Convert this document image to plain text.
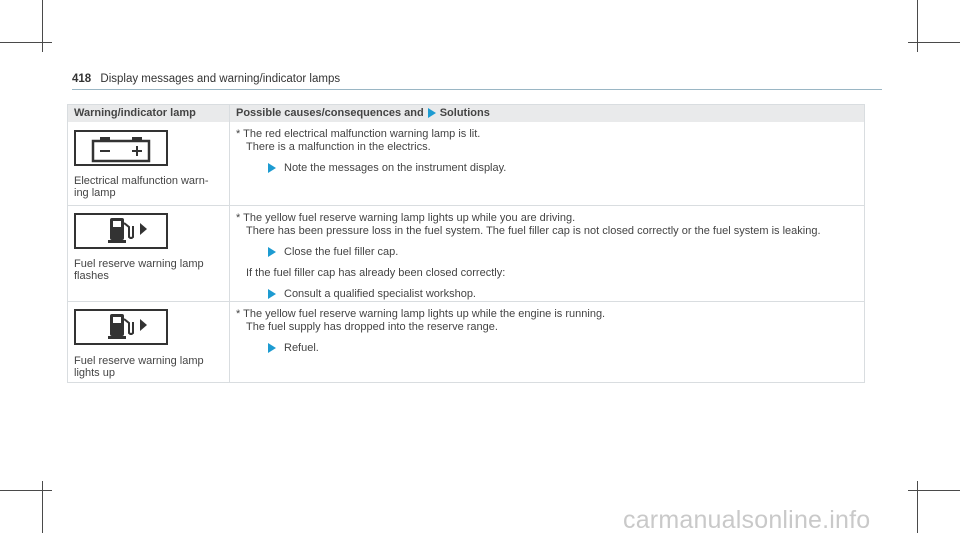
418 Display messages and warning/indicator lamps
Warning/indicator lamp	Possible causes/consequences and Solutions
Electrical malfunction warn-
ing lamp
* The red electrical malfunction warning lamp is lit.
There is a malfunction in the electrics.
Note the messages on the instrument display.
Fuel reserve warning lamp
flashes
* The yellow fuel reserve warning lamp lights up while you are driving.
There has been pressure loss in the fuel system. The fuel filler cap is not closed correctly or the fuel system is leaking.
Close the fuel filler cap.
If the fuel filler cap has already been closed correctly:
Consult a qualified specialist workshop.
Fuel reserve warning lamp
lights up
* The yellow fuel reserve warning lamp lights up while the engine is running.
The fuel supply has dropped into the reserve range.
Refuel.
carmanualsonline.info
